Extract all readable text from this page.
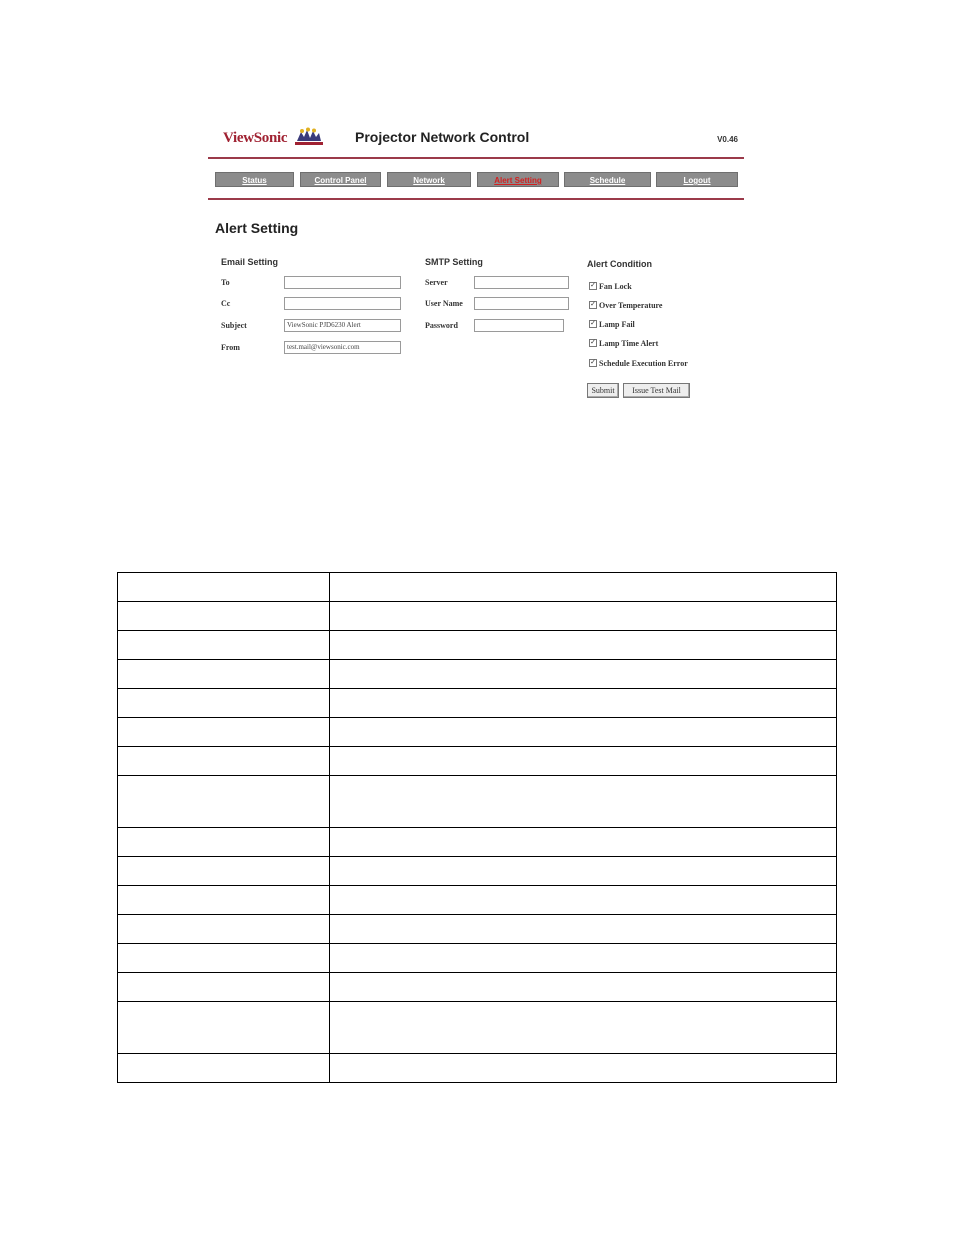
ViewSonic	Projector Network Control	V0.46
Status	Control Panel	Network	Alert Setting	Schedule	Logout
Alert Setting
Email Setting
To
Cc
Subject	ViewSonic PJD6230 Alert
From	test.mail@viewsonic.com
SMTP Setting
Server
User Name
Password
Alert Condition
✓ Fan Lock
✓ Over Temperature
✓ Lamp Fail
✓ Lamp Time Alert
✓ Schedule Execution Error
Submit	Issue Test Mail
